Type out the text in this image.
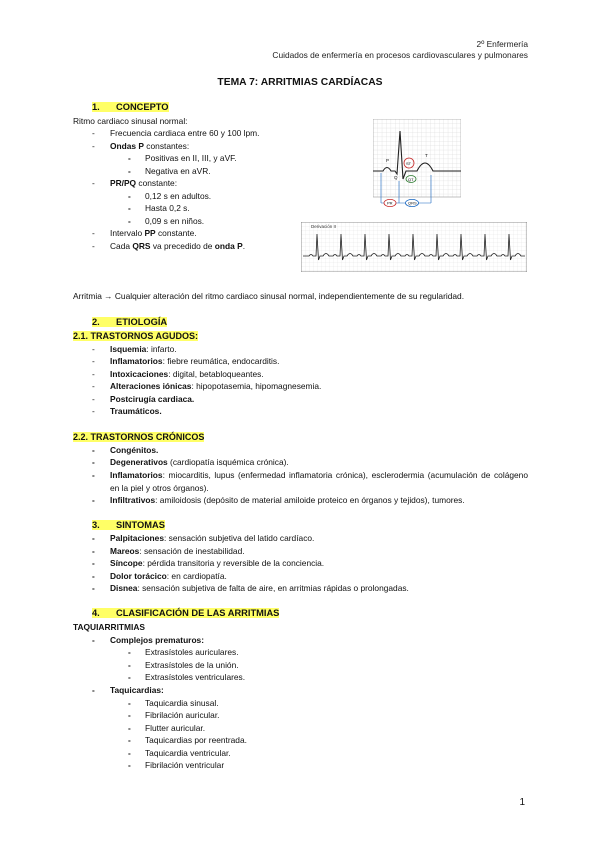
2º Enfermería
Cuidados de enfermería en procesos cardiovasculares y pulmonares
TEMA 7: ARRITMIAS CARDÍACAS
1. CONCEPTO
Ritmo cardiaco sinusal normal:
- Frecuencia cardiaca entre 60 y 100 lpm.
- Ondas P constantes:
- Positivas en II, III, y aVF.
- Negativa en aVR.
- PR/PQ constante:
- 0,12 s en adultos.
- Hasta 0,2 s.
- 0,09 s en niños.
- Intervalo PP constante.
- Cada QRS va precedido de onda P.
ST
QT
P
Q
T
PR	QRS
Derivación II
Arritmia → Cualquier alteración del ritmo cardiaco sinusal normal, independientemente de su regularidad.
2. ETIOLOGÍA
2.1. TRASTORNOS AGUDOS:
- Isquemia: infarto.
- Inflamatorios: fiebre reumática, endocarditis.
- Intoxicaciones: digital, betabloqueantes.
- Alteraciones iónicas: hipopotasemia, hipomagnesemia.
- Postcirugía cardiaca.
- Traumáticos.
2.2. TRASTORNOS CRÓNICOS
- Congénitos.
- Degenerativos (cardiopatía isquémica crónica).
- Inflamatorios: miocarditis, lupus (enfermedad inflamatoria crónica), esclerodermia (acumulación de colágeno en la piel y otros órganos).
- Infiltrativos: amiloidosis (depósito de material amiloide proteico en órganos y tejidos), tumores.
3. SINTOMAS
- Palpitaciones: sensación subjetiva del latido cardíaco.
- Mareos: sensación de inestabilidad.
- Síncope: pérdida transitoria y reversible de la conciencia.
- Dolor torácico: en cardiopatía.
- Disnea: sensación subjetiva de falta de aire, en arritmias rápidas o prolongadas.
4. CLASIFICACIÓN DE LAS ARRITMIAS
TAQUIARRITMIAS
- Complejos prematuros:
- Extrasístoles auriculares.
- Extrasístoles de la unión.
- Extrasístoles ventriculares.
- Taquicardias:
- Taquicardia sinusal.
- Fibrilación auricular.
- Flutter auricular.
- Taquicardias por reentrada.
- Taquicardia ventricular.
- Fibrilación ventricular
1
